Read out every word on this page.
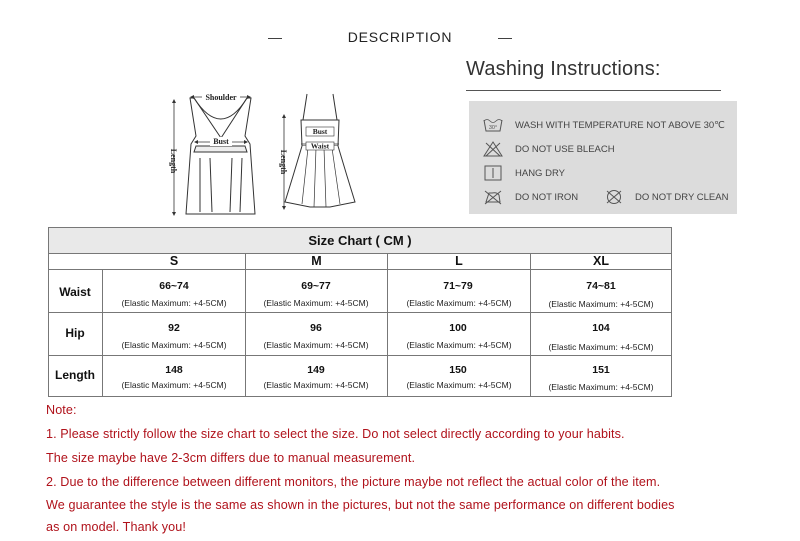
—	DESCRIPTION	—
Shoulder
Bust
Length
Bust
Waist
Length
Washing Instructions:
30° WASH WITH TEMPERATURE NOT ABOVE 30℃
DO NOT USE BLEACH
HANG DRY
DO NOT IRON	DO NOT DRY CLEAN
Size Chart ( CM )
S	M	L	XL
Waist	66~74	69~77	71~79	74~81
(Elastic Maximum: +4-5CM)	(Elastic Maximum: +4-5CM)	(Elastic Maximum: +4-5CM)	(Elastic Maximum: +4-5CM)
Hip	92	96	100	104
(Elastic Maximum: +4-5CM)	(Elastic Maximum: +4-5CM)	(Elastic Maximum: +4-5CM)	(Elastic Maximum: +4-5CM)
Length	148	149	150	151
(Elastic Maximum: +4-5CM)	(Elastic Maximum: +4-5CM)	(Elastic Maximum: +4-5CM)	(Elastic Maximum: +4-5CM)
Note:
1. Please strictly follow the size chart to select the size. Do not select directly according to your habits.
The size maybe have 2-3cm differs due to manual measurement.
2. Due to the difference between different monitors, the picture maybe not reflect the actual color of the item.
We guarantee the style is the same as shown in the pictures, but not the same performance on different bodies
as on model. Thank you!
